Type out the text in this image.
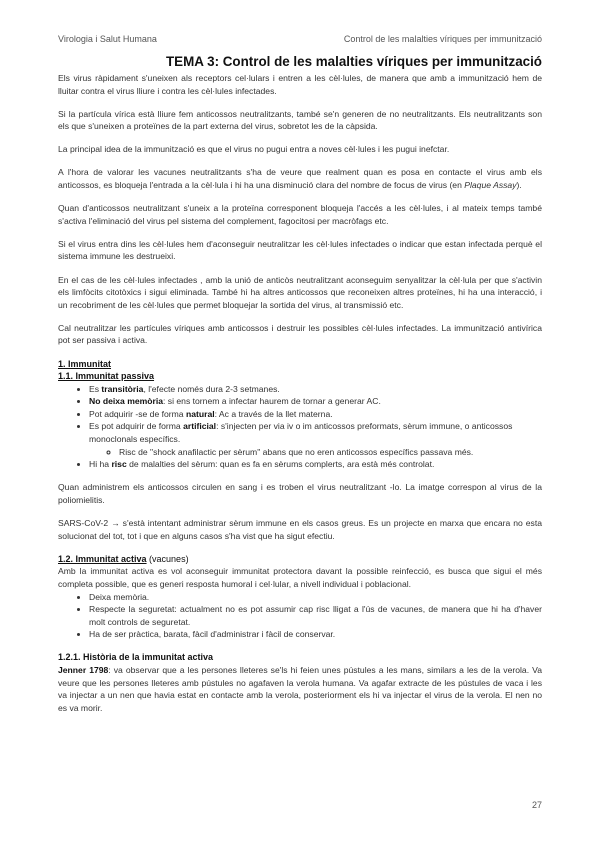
Virologia i Salut Humana	Control de les malalties víriques per immunització
TEMA 3: Control de les malalties víriques per immunització

Els virus ràpidament s'uneixen als receptors cel·lulars i entren a les cèl·lules, de manera que amb a immunització hem de lluitar contra el virus lliure i contra les cèl·lules infectades.

Si la partícula vírica està lliure fem anticossos neutralitzants, també se'n generen de no neutralitzants. Els neutralitzants son els que s'uneixen a proteïnes de la part externa del virus, sobretot les de la càpsida.

La principal idea de la immunització es que el virus no pugui entra a noves cèl·lules i les pugui inefctar.

A l'hora de valorar les vacunes neutralitzants s'ha de veure que realment quan es posa en contacte el virus amb els anticossos, es bloqueja l'entrada a la cèl·lula i hi ha una disminució clara del nombre de focus de virus (en Plaque Assay).

Quan d'anticossos neutralitzant s'uneix a la proteïna corresponent bloqueja l'accés a les cèl·lules, i al mateix temps també s'activa l'eliminació del virus pel sistema del complement, fagocitosi per macròfags etc.

Si el virus entra dins les cèl·lules hem d'aconseguir neutralitzar les cèl·lules infectades o indicar que estan infectada perquè el sistema immune les destrueixi.

En el cas de les cèl·lules infectades , amb la unió de anticòs neutralitzant aconseguim senyalitzar la cèl·lula per que s'activin els limfòcits citotòxics i sigui eliminada. També hi ha altres anticossos que reconeixen altres proteïnes, hi ha una interacció, i un recobriment de les cèl·lules que permet bloquejar la sortida del virus, al transmissió etc.

Cal neutralitzar les partícules víriques amb anticossos i destruir les possibles cèl·lules infectades. La immunització antivírica pot ser passiva i activa.

1. Immunitat
1.1. Immunitat passiva
• Es transitòria, l'efecte només dura 2-3 setmanes.
• No deixa memòria: si ens tornem a infectar haurem de tornar a generar AC.
• Pot adquirir -se de forma natural: Ac a través de la llet materna.
• Es pot adquirir de forma artificial: s'injecten per via iv o im anticossos preformats, sèrum immune, o anticossos monoclonals específics.
◦ Risc de "shock anafilactic per sèrum" abans que no eren anticossos específics passava més.
• Hi ha risc de malalties del sèrum: quan es fa en sèrums complerts, ara està més controlat.

Quan administrem els anticossos circulen en sang i es troben el virus neutralitzant -lo. La imatge correspon al virus de la poliomielitis.

SARS-CoV-2 → s'està intentant administrar sèrum immune en els casos greus. Es un projecte en marxa que encara no esta solucionat del tot, tot i que en alguns casos s'ha vist que ha sigut efectiu.

1.2. Immunitat activa (vacunes)

Amb la immunitat activa es vol aconseguir immunitat protectora davant la possible reinfecció, es busca que sigui el més completa possible, que es generi resposta humoral i cel·lular, a nivell individual i poblacional.

• Deixa memòria.
• Respecte la seguretat: actualment no es pot assumir cap risc lligat a l'ús de vacunes, de manera que hi ha d'haver molt controls de seguretat.
• Ha de ser pràctica, barata, fàcil d'administrar i fàcil de conservar.
1.2.1. Història de la immunitat activa

Jenner 1798: va observar que a les persones lleteres se'ls hi feien unes pústules a les mans, similars a les de la verola. Va veure que les persones lleteres amb pústules no agafaven la verola humana. Va agafar extracte de les pústules de vaca i les va injectar a un nen que havia estat en contacte amb la verola, posteriorment els hi va injectar el virus de la verola. El nen no es va morir.

27
